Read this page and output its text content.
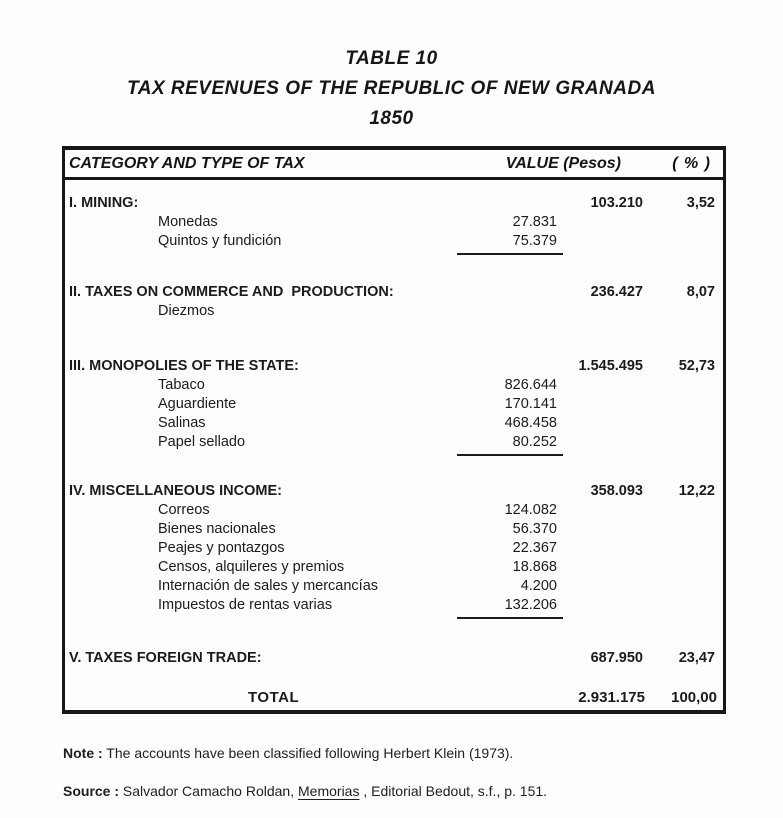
TABLE 10
TAX REVENUES OF THE REPUBLIC OF NEW GRANADA
1850
CATEGORY AND TYPE OF TAX	VALUE (Pesos)	( % )
I. MINING:	103.210	3,52
Monedas	27.831
Quintos y fundición	75.379
II. TAXES ON COMMERCE AND  PRODUCTION:	236.427	8,07
Diezmos
III. MONOPOLIES OF THE STATE:	1.545.495 52,73
Tabaco	826.644
Aguardiente	170.141
Salinas	468.458
Papel sellado	80.252
IV. MISCELLANEOUS INCOME:	358.093 12,22
Correos	124.082
Bienes nacionales	56.370
Peajes y pontazgos	22.367
Censos, alquileres y premios	18.868
Internación de sales y mercancías	4.200
Impuestos de rentas varias	132.206
V. TAXES FOREIGN TRADE:	687.950 23,47
TOTAL	2.931.175 100,00
Note : The accounts have been classified following Herbert Klein (1973).
Source : Salvador Camacho Roldan, Memorias , Editorial Bedout, s.f., p. 151.
